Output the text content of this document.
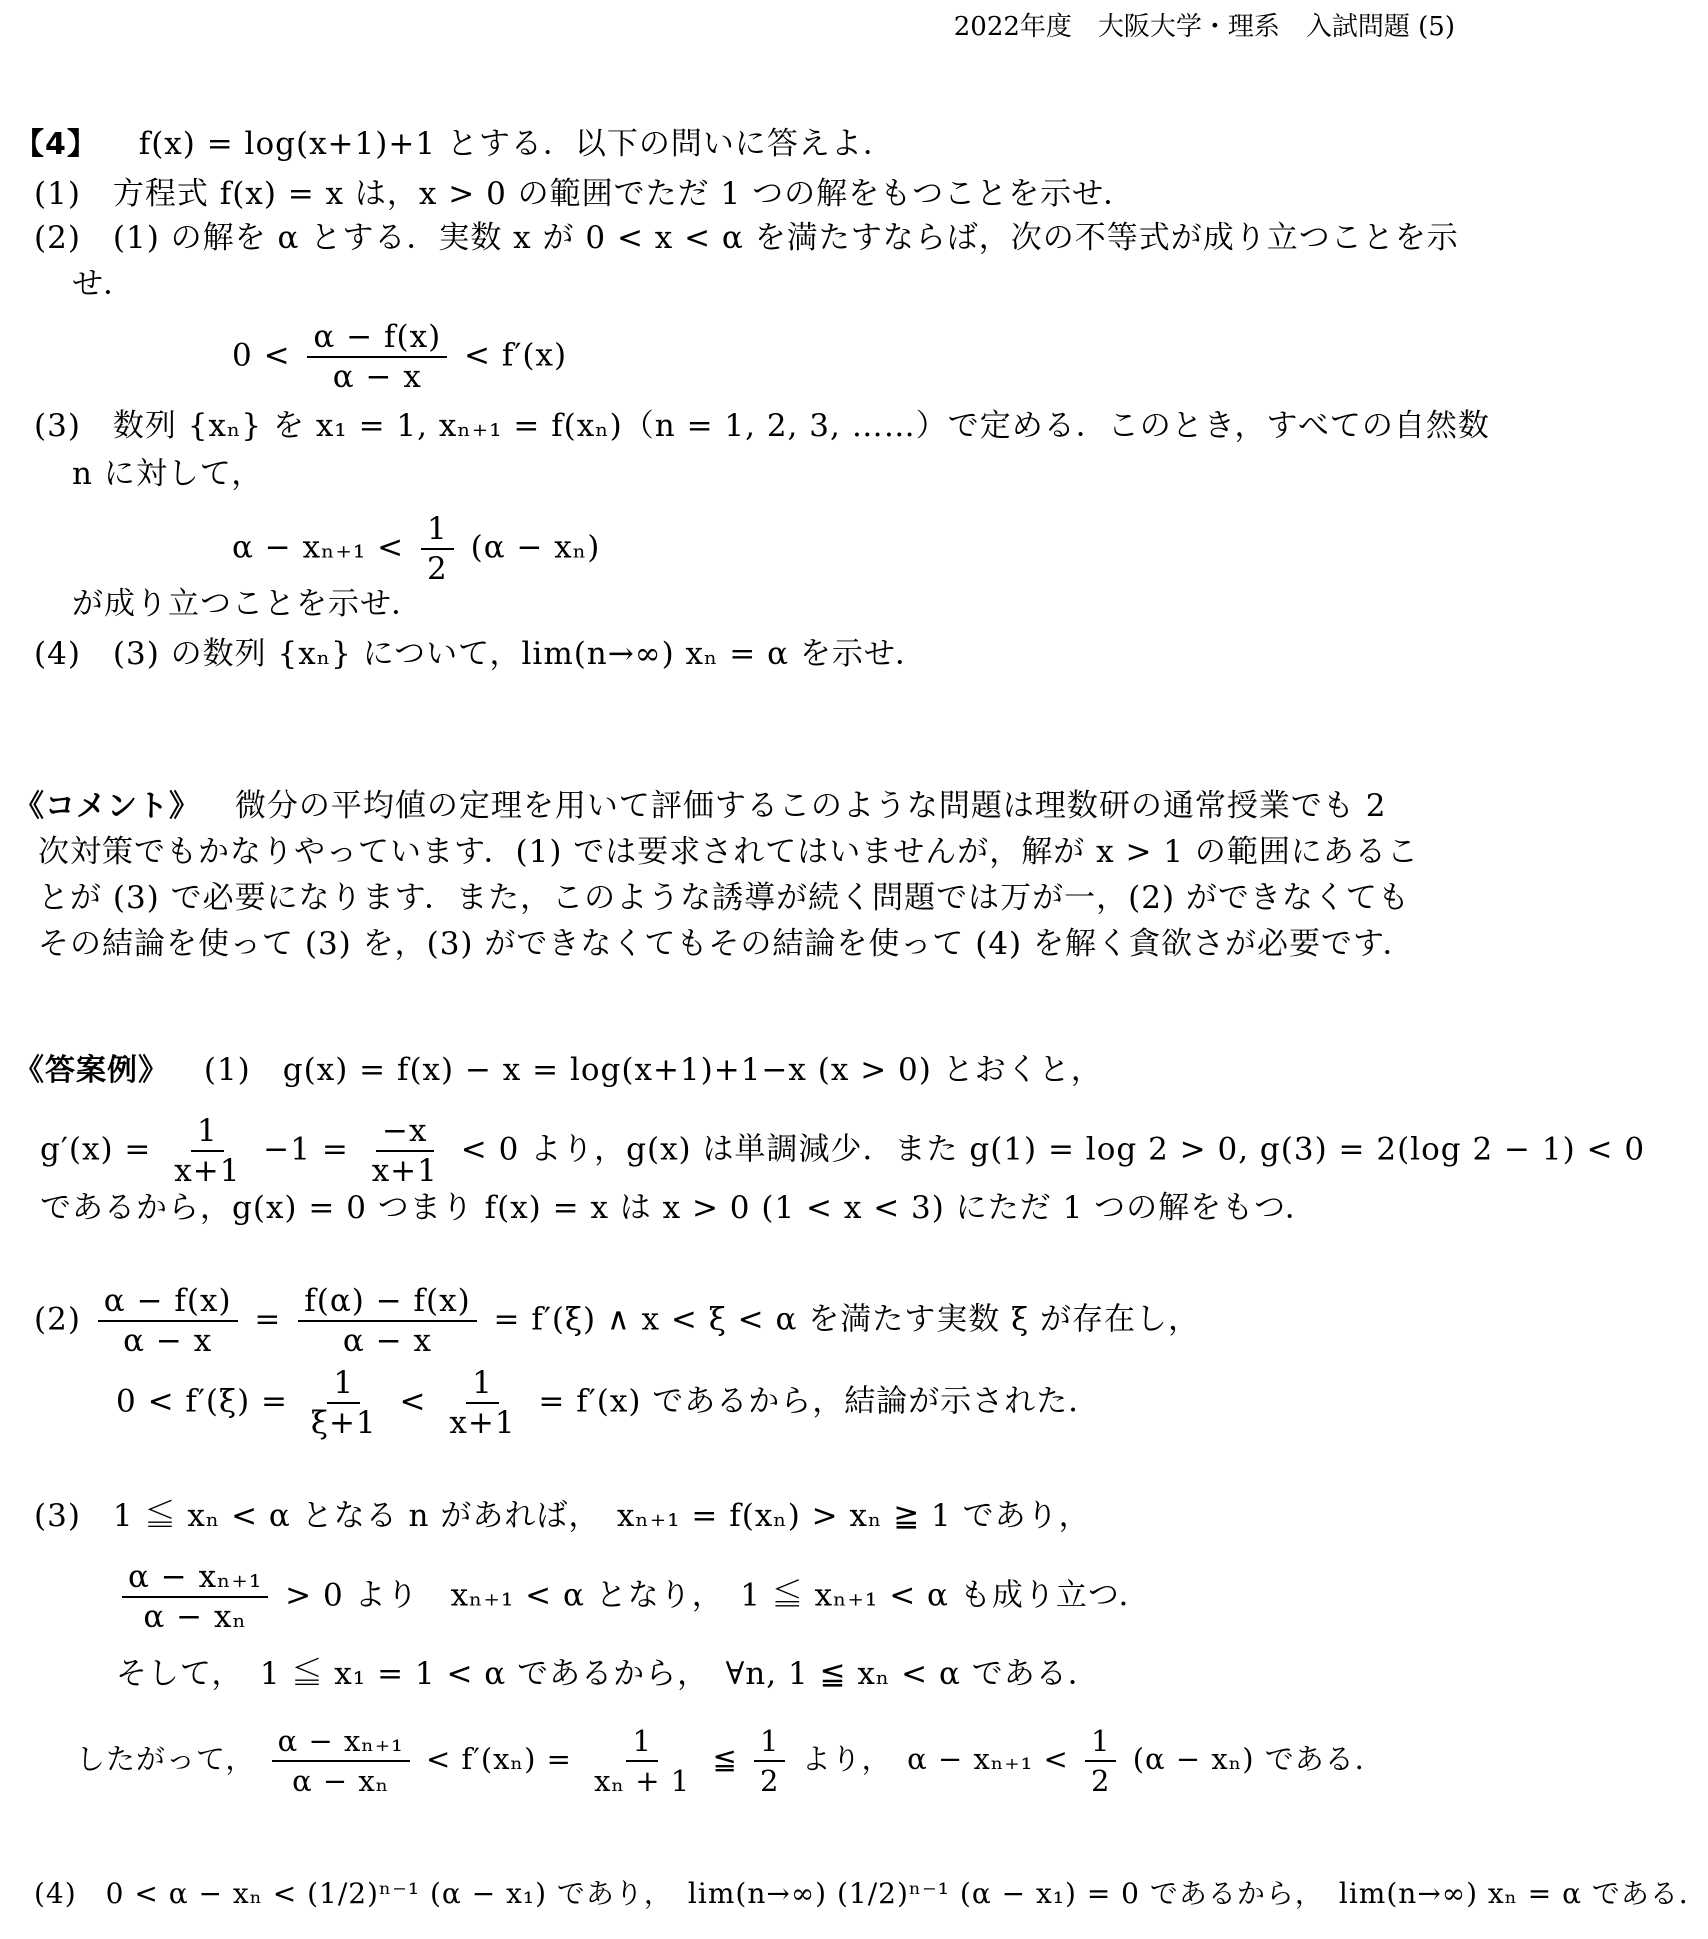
2022年度　大阪大学・理系　入試問題 (5)
【4】 f(x) = log(x+1)+1 とする．以下の問いに答えよ．
(1)　方程式 f(x) = x は，x > 0 の範囲でただ 1 つの解をもつことを示せ．
(2)　(1) の解を α とする．実数 x が 0 < x < α を満たすならば，次の不等式が成り立つことを示
せ．
$0 < \frac{\alpha - f(x)}{\alpha - x} < f'(x)$
(3)　数列 {xₙ} を x₁ = 1, xₙ₊₁ = f(xₙ)（n = 1, 2, 3, ……）で定める．このとき，すべての自然数
n に対して，
$\alpha - x_{n+1} < \frac{1}{2} (\alpha - x_n)$
が成り立つことを示せ．
(4)　(3) の数列 {xₙ} について，lim(n→∞) xₙ = α を示せ．
《コメント》 微分の平均値の定理を用いて評価するこのような問題は理数研の通常授業でも 2
次対策でもかなりやっています．(1) では要求されてはいませんが，解が x > 1 の範囲にあるこ
とが (3) で必要になります．また，このような誘導が続く問題では万が一，(2) ができなくても
その結論を使って (3) を，(3) ができなくてもその結論を使って (4) を解く貪欲さが必要です．
《答案例》 (1)　g(x) = f(x) − x = log(x+1)+1−x (x > 0) とおくと，
$g'(x) = \frac{1}{x+1} -1 = \frac{-x}{x+1} < 0$ より，g(x) は単調減少．また g(1) = log 2 > 0, g(3) = 2(log 2 − 1) < 0
であるから，g(x) = 0 つまり f(x) = x は x > 0 (1 < x < 3) にただ 1 つの解をもつ．
$(2) \frac{\alpha - f(x)}{\alpha - x} = \frac{f(\alpha) - f(x)}{\alpha - x} = f'(\xi)$ ∧ x < ξ < α を満たす実数 ξ が存在し，
$0 < f'(\xi) = \frac{1}{\xi+1} < \frac{1}{x+1} = f'(x)$ であるから，結論が示された．
(3)　1 ≦ xₙ < α となる n があれば，　xₙ₊₁ = f(xₙ) > xₙ ≧ 1 であり，
$\frac{\text{α − xₙ₊₁}}{\text{α − xₙ}} > 0$ より　xₙ₊₁ < α となり，　1 ≦ xₙ₊₁ < α も成り立つ．
そして，　1 ≦ x₁ = 1 < α であるから，　∀n, 1 ≦ xₙ < α である．
したがって， $\frac{\text{α − xₙ₊₁}}{\text{α − xₙ}} < f'(x_n) = \frac{1}{\text{xₙ + 1}}$ ≦ $\frac{1}{2}$ より，　$\alpha - x_{n+1} < \frac{1}{2} (\alpha - x_n)$ である．
(4)　0 < α − xₙ < (1/2)ⁿ⁻¹ (α − x₁) であり，　lim(n→∞) (1/2)ⁿ⁻¹ (α − x₁) = 0 であるから，　lim(n→∞) xₙ = α である．
